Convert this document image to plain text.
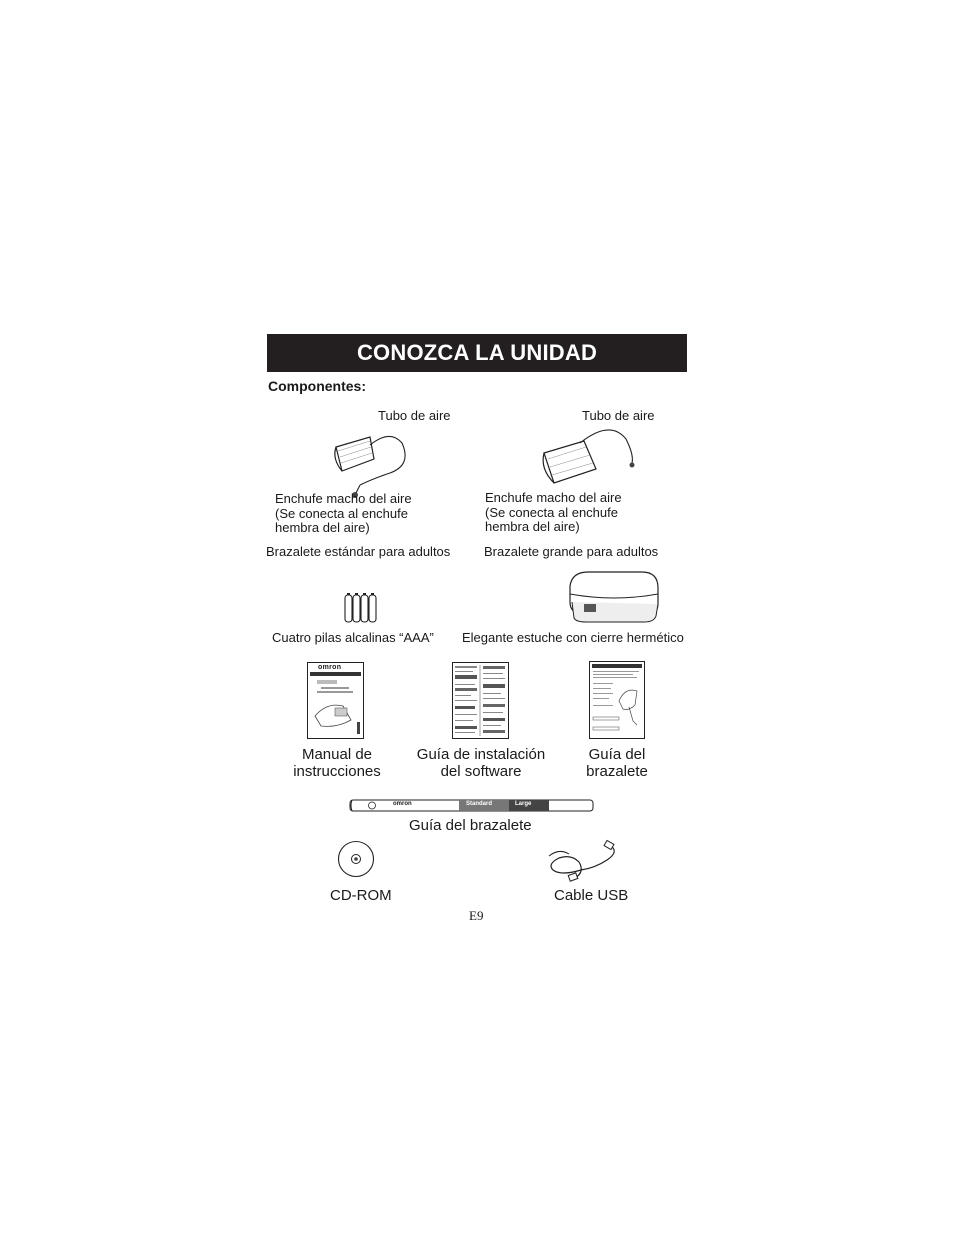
CONOZCA LA UNIDAD
Componentes:
Tubo de aire
Enchufe macho del aire
(Se conecta al enchufe
hembra del aire)
Brazalete estándar para adultos
Tubo de aire
Enchufe macho del aire
(Se conecta al enchufe
hembra del aire)
Brazalete grande para adultos
Cuatro pilas alcalinas “AAA” Elegante estuche con cierre hermético
omron
Manual de
instrucciones
Guía de instalación
del software
Guía del
brazalete
omron	Standard	Large
Guía del brazalete
CD-ROM	Cable USB
E9
